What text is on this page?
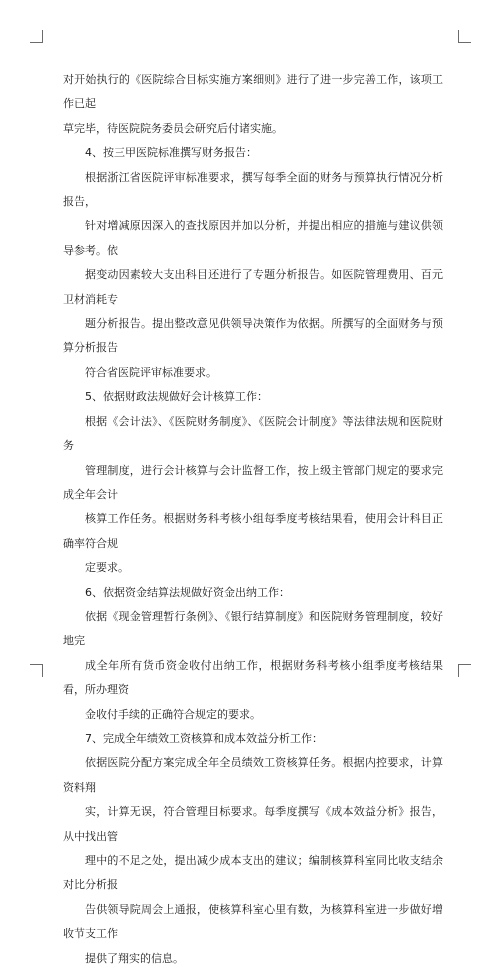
对开始执行的《医院综合目标实施方案细则》进行了进一步完善工作，该项工作已起
草完毕，待医院院务委员会研究后付诸实施。

4、按三甲医院标准撰写财务报告：

根据浙江省医院评审标准要求，撰写每季全面的财务与预算执行情况分析报告，
针对增减原因深入的查找原因并加以分析，并提出相应的措施与建议供领导参考。依
据变动因素较大支出科目还进行了专题分析报告。如医院管理费用、百元卫材消耗专
题分析报告。提出整改意见供领导决策作为依据。所撰写的全面财务与预算分析报告
符合省医院评审标准要求。

5、依据财政法规做好会计核算工作：

根据《会计法》、《医院财务制度》、《医院会计制度》等法律法规和医院财务
管理制度，进行会计核算与会计监督工作，按上级主管部门规定的要求完成全年会计
核算工作任务。根据财务科考核小组每季度考核结果看，使用会计科目正确率符合规
定要求。

6、依据资金结算法规做好资金出纳工作：

依据《现金管理暂行条例》、《银行结算制度》和医院财务管理制度，较好地完
成全年所有货币资金收付出纳工作，根据财务科考核小组季度考核结果看，所办理资
金收付手续的正确符合规定的要求。

7、完成全年绩效工资核算和成本效益分析工作：

依据医院分配方案完成全年全员绩效工资核算任务。根据内控要求，计算资料翔
实，计算无误，符合管理目标要求。每季度撰写《成本效益分析》报告，从中找出管
理中的不足之处，提出减少成本支出的建议；编制核算科室同比收支结余对比分析报
告供领导院周会上通报，使核算科室心里有数，为核算科室进一步做好增收节支工作
提供了翔实的信息。
